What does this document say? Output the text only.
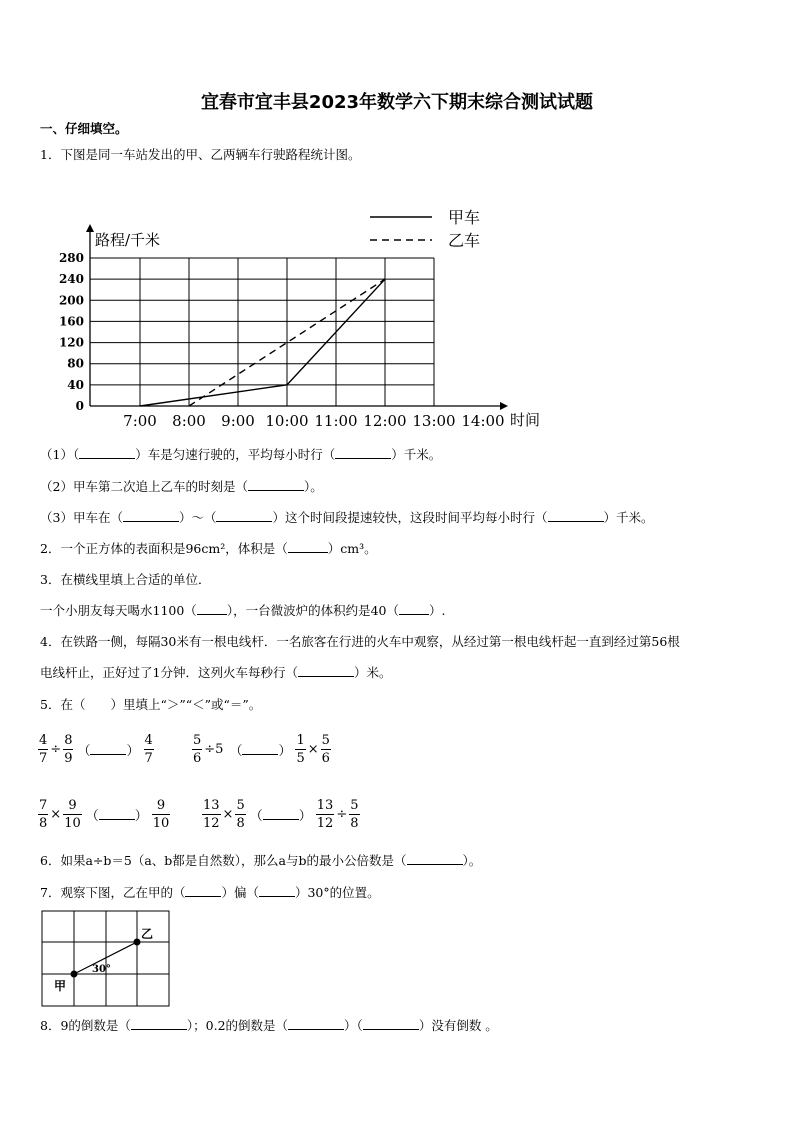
宜春市宜丰县2023年数学六下期末综合测试试题
一、仔细填空。
1．下图是同一车站发出的甲、乙两辆车行驶路程统计图。
0
40
80
120
160
200
240
280
7:00 8:00 9:00 10:00 11:00 12:00 13:00 14:00
甲车
乙车
路程/千米
时间
（1）（	）车是匀速行驶的，平均每小时行（	）千米。
（2）甲车第二次追上乙车的时刻是（	）。
（3）甲车在（	）～（	）这个时间段提速较快，这段时间平均每小时行（	）千米。
2．一个正方体的表面积是96cm²，体积是（	）cm³。
3．在横线里填上合适的单位．
一个小朋友每天喝水1100（ ），一台微波炉的体积约是40（ ）.
4．在铁路一侧，每隔30米有一根电线杆．一名旅客在行进的火车中观察，从经过第一根电线杆起一直到经过第56根
电线杆止，正好过了1分钟．这列火车每秒行（	）米。
5．在（　　）里填上“＞”“＜”或“＝”。
$\frac{4}{7} \div \frac{8}{9}$ （	） $\frac{4}{7}$	$\frac{5}{6} \div 5$ （	） $\frac{1}{5} \times \frac{5}{6}$
$\frac{7}{8} \times \frac{9}{10}$ （	） $\frac{9}{10} \frac{13}{12} \times \frac{5}{8}$ （	） $\frac{13}{12} \div \frac{5}{8}$
6．如果a÷b＝5（a、b都是自然数），那么a与b的最小公倍数是（	）。
7．观察下图，乙在甲的（	）偏（	）30°的位置。
甲
乙
30°
8．9的倒数是（	）；0.2的倒数是（	）（	）没有倒数 。
